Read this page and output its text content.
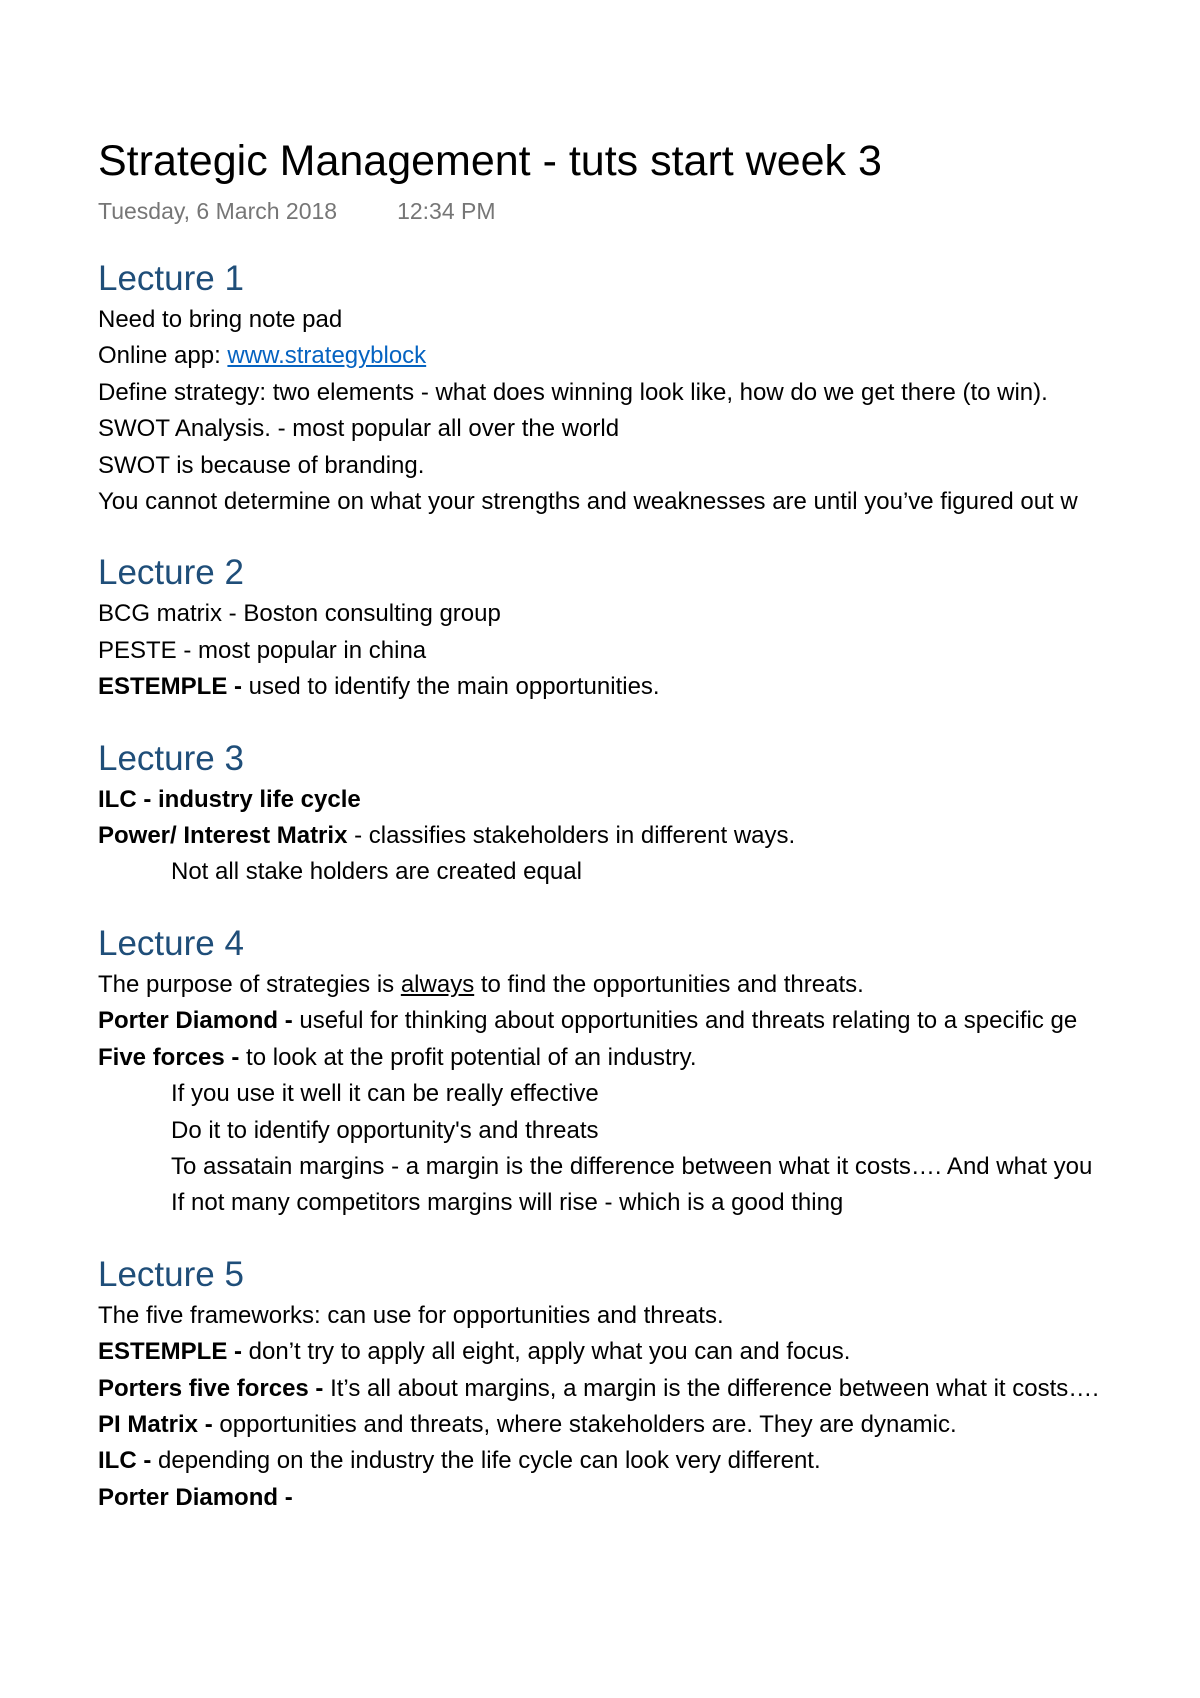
Strategic Management - tuts start week 3
Tuesday, 6 March 2018	12:34 PM
Lecture 1
Need to bring note pad
Online app: www.strategyblock
Define strategy: two elements - what does winning look like, how do we get there (to win).
SWOT Analysis. - most popular all over the world
SWOT is because of branding.
You cannot determine on what your strengths and weaknesses are until you’ve figured out w
Lecture 2
BCG matrix - Boston consulting group
PESTE - most popular in china
ESTEMPLE - used to identify the main opportunities.
Lecture 3
ILC - industry life cycle
Power/ Interest Matrix - classifies stakeholders in different ways.
Not all stake holders are created equal
Lecture 4
The purpose of strategies is always to find the opportunities and threats.
Porter Diamond - useful for thinking about opportunities and threats relating to a specific ge
Five forces - to look at the profit potential of an industry.
If you use it well it can be really effective
Do it to identify opportunity's and threats
To assatain margins - a margin is the difference between what it costs…. And what you
If not many competitors margins will rise - which is a good thing
Lecture 5
The five frameworks: can use for opportunities and threats.
ESTEMPLE - don’t try to apply all eight, apply what you can and focus.
Porters five forces - It’s all about margins, a margin is the difference between what it costs….
PI Matrix - opportunities and threats, where stakeholders are. They are dynamic.
ILC - depending on the industry the life cycle can look very different.
Porter Diamond -
